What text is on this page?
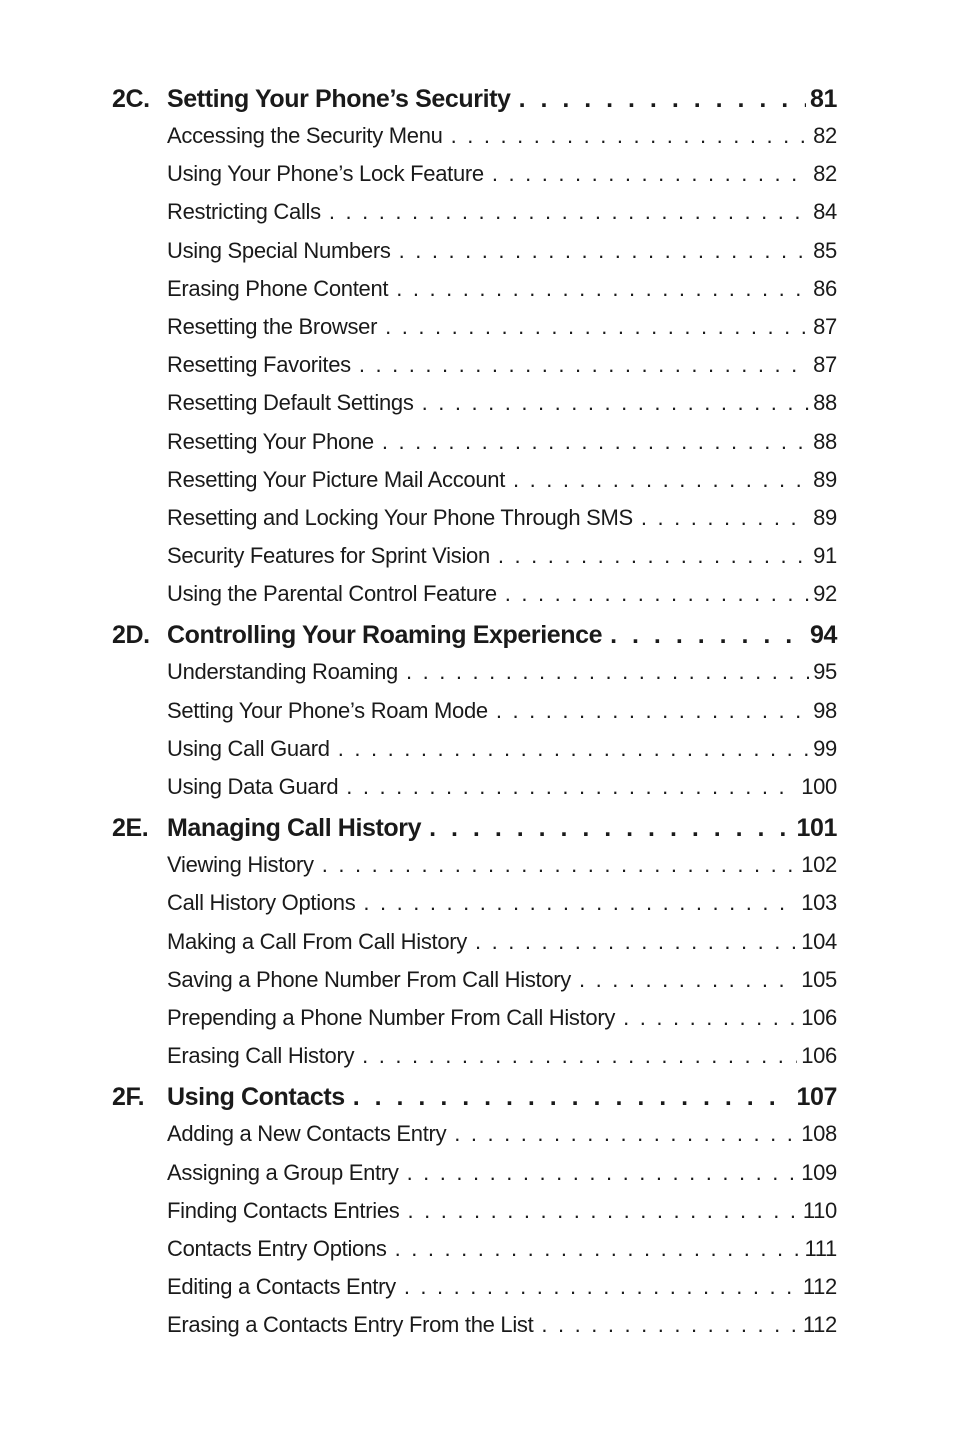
2C. Setting Your Phone’s Security . . .	81
Accessing the Security Menu . . .	82
Using Your Phone’s Lock Feature . . .	82
Restricting Calls . . .	84
Using Special Numbers . . .	85
Erasing Phone Content . . .	86
Resetting the Browser . . .	87
Resetting Favorites . . .	87
Resetting Default Settings . . .	88
Resetting Your Phone . . .	88
Resetting Your Picture Mail Account . . .	89
Resetting and Locking Your Phone Through SMS . . .	89
Security Features for Sprint Vision . . .	91
Using the Parental Control Feature . . .	92
2D. Controlling Your Roaming Experience . . .	94
Understanding Roaming . . .	95
Setting Your Phone’s Roam Mode . . .	98
Using Call Guard . . .	99
Using Data Guard . . .	100
2E. Managing Call History . . .	101
Viewing History . . .	102
Call History Options . . .	103
Making a Call From Call History . . .	104
Saving a Phone Number From Call History . . .	105
Prepending a Phone Number From Call History . . .	106
Erasing Call History . . .	106
2F. Using Contacts . . .	107
Adding a New Contacts Entry . . .	108
Assigning a Group Entry . . .	109
Finding Contacts Entries . . .	110
Contacts Entry Options . . .	111
Editing a Contacts Entry . . .	112
Erasing a Contacts Entry From the List . . .	112
